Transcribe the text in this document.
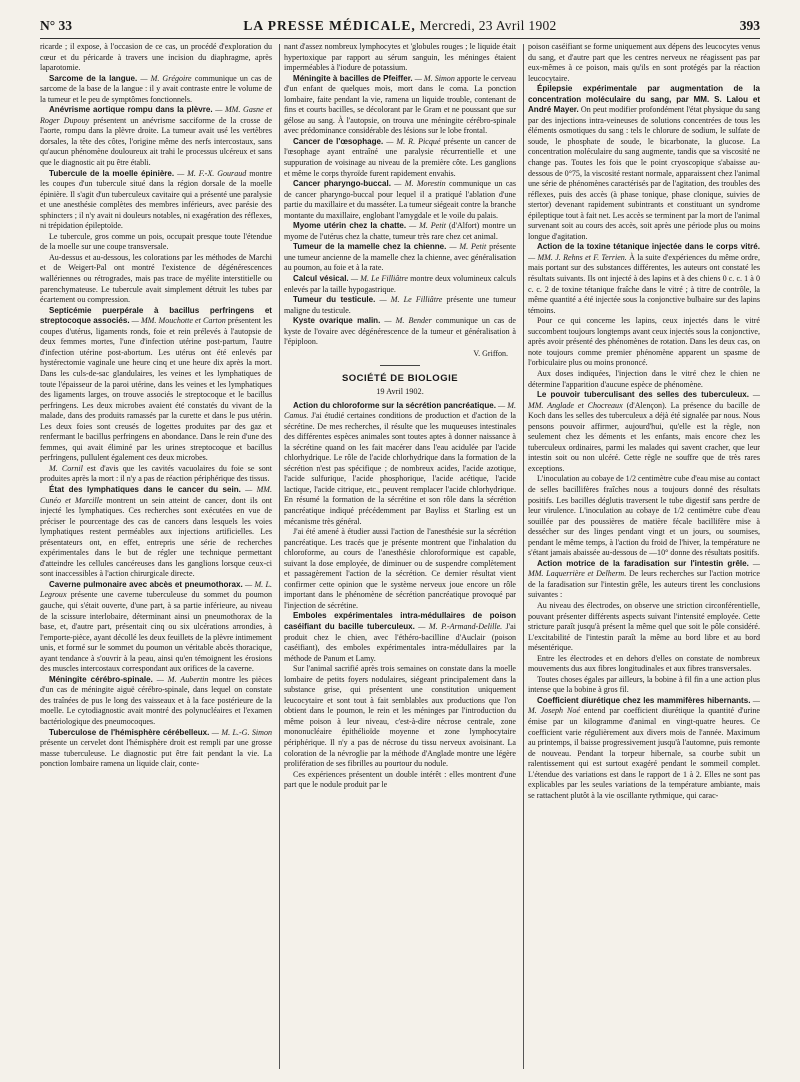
N° 33	LA PRESSE MÉDICALE, Mercredi, 23 Avril 1902	393

ricarde ; il expose, à l'occasion de ce cas, un procédé d'exploration du cœur et du péricarde à travers une incision du diaphragme, après laparotomie.

Sarcome de la langue. — M. Grégoire communique un cas de sarcome de la base de la langue : il y avait contraste entre le volume de la tumeur et le peu de symptômes fonctionnels.

Anévrisme aortique rompu dans la plèvre. — MM. Gasne et Roger Dupouy présentent un anévrisme sacciforme de la crosse de l'aorte, rompu dans la plèvre droite. La tumeur avait usé les vertèbres dorsales, la tête des côtes, l'origine même des nerfs intercostaux, sans qu'aucun phénomène douloureux ait trahi le processus ulcéreux et sans que le diagnostic ait pu être établi.

Tubercule de la moelle épinière. — M. F.-X. Gouraud montre les coupes d'un tubercule situé dans la région dorsale de la moelle épinière. Il s'agit d'un tuberculeux cavitaire qui a présenté une paralysie et une anesthésie complètes des membres inférieurs, avec parésie des sphincters ; il n'y avait ni douleurs notables, ni exagération des réflexes, ni trépidation épileptoïde.

Le tubercule, gros comme un pois, occupait presque toute l'étendue de la moelle sur une coupe transversale.

Au-dessus et au-dessous, les colorations par les méthodes de Marchi et de Weigert-Pal ont montré l'existence de dégénérescences wallériennes ou rétrogrades, mais pas trace de myélite interstitielle ou parenchymateuse. Le tubercule avait simplement détruit les tubes par écartement ou compression.

Septicémie puerpérale à bacillus perfringens et streptocoque associés. — MM. Mouchotte et Carton présentent les coupes d'utérus, ligaments ronds, foie et rein prélevés à l'autopsie de deux femmes mortes, l'une d'infection utérine post-partum, l'autre d'infection utérine post-abortum. Les utérus ont été enlevés par hystérectomie vaginale une heure cinq et une heure dix après la mort. Dans les culs-de-sac glandulaires, les veines et les lymphatiques de toute l'épaisseur de la paroi utérine, dans les veines et les lymphatiques des ligaments larges, on trouve associés le streptocoque et le bacillus perfringens. Les deux microbes avaient été constatés du vivant de la malade, dans des produits ramassés par la curette et dans le pus utérin. Les deux foies sont creusés de logettes produites par des gaz et renfermant le bacillus perfringens en abondance. Dans le rein d'une des femmes, qui avait éliminé par les urines streptocoque et bacillus perfringens, pullulent également ces deux microbes.

M. Cornil est d'avis que les cavités vacuolaires du foie se sont produites après la mort : il n'y a pas de réaction périphérique des tissus.

État des lymphatiques dans le cancer du sein. — MM. Cunéo et Marcille montrent un sein atteint de cancer, dont ils ont injecté les lymphatiques. Ces recherches sont exécutées en vue de préciser le pourcentage des cas de cancers dans lesquels les voies lymphatiques restent perméables aux injections artificielles. Les présentateurs ont, en effet, entrepris une série de recherches expérimentales dans le but de régler une technique permettant d'atteindre les cellules cancéreuses dans les ganglions lorsque ceux-ci sont inaccessibles à l'action chirurgicale directe.

Caverne pulmonaire avec abcès et pneumothorax. — M. L. Legroux présente une caverne tuberculeuse du sommet du poumon gauche, qui s'était ouverte, d'une part, à sa partie inférieure, au niveau de la scissure interlobaire, déterminant ainsi un pneumothorax de la base, et, d'autre part, présentait cinq ou six ulcérations arrondies, à l'emporte-pièce, ayant décollé les deux feuillets de la plèvre intimement unis, et formé sur le sommet du poumon un véritable abcès thoracique, ayant tendance à s'ouvrir à la peau, ainsi qu'en témoignent les érosions des muscles intercostaux correspondant aux orifices de la caverne.

Méningite cérébro-spinale. — M. Aubertin montre les pièces d'un cas de méningite aiguë cérébro-spinale, dans lequel on constate des traînées de pus le long des vaisseaux et à la face postérieure de la moelle. Le cytodiagnostic avait montré des polynucléaires et l'examen bactériologique des pneumocoques.

Tuberculose de l'hémisphère cérébelleux. — M. L.-G. Simon présente un cervelet dont l'hémisphère droit est rempli par une grosse masse tuberculeuse. Le diagnostic put être fait pendant la vie. La ponction lombaire ramena un liquide clair, conte-

nant d'assez nombreux lymphocytes et 'globules rouges ; le liquide était hypertoxique par rapport au sérum sanguin, les méninges étaient imperméables à l'iodure de potassium.

Méningite à bacilles de Pfeiffer. — M. Simon apporte le cerveau d'un enfant de quelques mois, mort dans le coma. La ponction lombaire, faite pendant la vie, ramena un liquide trouble, contenant de fins et courts bacilles, se décolorant par le Gram et ne poussant que sur gélose au sang. À l'autopsie, on trouva une méningite cérébro-spinale avec prédominance considérable des lésions sur le lobe frontal.

Cancer de l'œsophage. — M. R. Picqué présente un cancer de l'œsophage ayant entraîné une paralysie récurrentielle et une suppuration de voisinage au niveau de la première côte. Les ganglions et même le corps thyroïde furent rapidement envahis.

Cancer pharyngo-buccal. — M. Morestin communique un cas de cancer pharyngo-buccal pour lequel il a pratiqué l'ablation d'une partie du maxillaire et du masséter. La tumeur siégeait contre la branche montante du maxillaire, englobant l'amygdale et le voile du palais.

Myome utérin chez la chatte. — M. Petit (d'Alfort) montre un myome de l'utérus chez la chatte, tumeur très rare chez cet animal.

Tumeur de la mamelle chez la chienne. — M. Petit présente une tumeur ancienne de la mamelle chez la chienne, avec généralisation au poumon, au foie et à la rate.

Calcul vésical. — M. Le Filliâtre montre deux volumineux calculs enlevés par la taille hypogastrique.

Tumeur du testicule. — M. Le Filliâtre présente une tumeur maligne du testicule.

Kyste ovarique malin. — M. Bender communique un cas de kyste de l'ovaire avec dégénérescence de la tumeur et généralisation à l'épiploon.

V. Griffon.
SOCIÉTÉ DE BIOLOGIE
19 Avril 1902.

Action du chloroforme sur la sécrétion pancréatique. — M. Camus. J'ai étudié certaines conditions de production et d'action de la sécrétine. De mes recherches, il résulte que les muqueuses intestinales des différentes espèces animales sont toutes aptes à donner naissance à la sécrétine quand on les fait macérer dans l'eau acidulée par l'acide chlorhydrique. Le rôle de l'acide chlorhydrique dans la formation de la sécrétion n'est pas spécifique ; de nombreux acides, l'acide azotique, l'acide sulfurique, l'acide phosphorique, l'acide acétique, l'acide lactique, l'acide citrique, etc., peuvent remplacer l'acide chlorhydrique. En résumé la formation de la sécrétine et son rôle dans la sécrétion pancréatique indiqué précédemment par Bayliss et Starling est un mécanisme très général.

J'ai été amené à étudier aussi l'action de l'anesthésie sur la sécrétion pancréatique. Les tracés que je présente montrent que l'inhalation du chloroforme, au cours de l'anesthésie chloroformique est capable, suivant la dose employée, de diminuer ou de suspendre complètement et passagèrement l'action de la sécrétion. Ce dernier résultat vient confirmer cette opinion que le système nerveux joue encore un rôle important dans le phénomène de sécrétion pancréatique provoqué par l'injection de sécrétine.

Emboles expérimentales intra-médullaires de poison caséifiant du bacille tuberculeux. — M. P.-Armand-Delille. J'ai produit chez le chien, avec l'éthéro-bacilline d'Auclair (poison caséifiant), des emboles expérimentales intra-médullaires par la méthode de Panum et Lamy.

Sur l'animal sacrifié après trois semaines on constate dans la moelle lombaire de petits foyers nodulaires, siégeant principalement dans la substance grise, qui présentent une constitution uniquement leucocytaire et sont tout à fait semblables aux productions que l'on obtient dans le poumon, le rein et les méninges par l'introduction du même poison à leur niveau, c'est-à-dire nécrose centrale, zone mononucléaire épithélioïde moyenne et zone lymphocytaire périphérique. Il n'y a pas de nécrose du tissu nerveux avoisinant. La coloration de la névroglie par la méthode d'Anglade montre une légère prolifération de ses fibrilles au pourtour du nodule.

Ces expériences présentent un double intérêt : elles montrent d'une part que le nodule produit par le

poison caséifiant se forme uniquement aux dépens des leucocytes venus du sang, et d'autre part que les centres nerveux ne réagissent pas par eux-mêmes à ce poison, mais qu'ils en sont protégés par la réaction leucocytaire.

Épilepsie expérimentale par augmentation de la concentration moléculaire du sang, par MM. S. Lalou et André Mayer. On peut modifier profondément l'état physique du sang par des injections intra-veineuses de solutions concentrées de tous les éléments osmotiques du sang : tels le chlorure de sodium, le sulfate de soude, le phosphate de soude, le bicarbonate, la glucose. La concentration moléculaire du sang augmente, tandis que sa viscosité ne change pas. Toutes les fois que le point cryoscopique s'abaisse au-dessous de 0°75, la viscosité restant normale, apparaissent chez l'animal une série de phénomènes caractérisés par de l'agitation, des troubles des réflexes, puis des accès (à phase tonique, phase clonique, suivies de stertor) devenant rapidement subintrants et constituant un syndrome épileptique tout à fait net. Les accès se terminent par la mort de l'animal survenant soit au cours des accès, soit après une période plus ou moins longue d'agitation.

Action de la toxine tétanique injectée dans le corps vitré. — MM. J. Rehns et F. Terrien. À la suite d'expériences du même ordre, mais portant sur des substances différentes, les auteurs ont constaté les résultats suivants. Ils ont injecté à des lapins et à des chiens 0 c. c. 1 à 0 c. c. 2 de toxine tétanique fraîche dans le vitré ; à titre de contrôle, la même quantité a été injectée sous la conjonctive bulbaire sur des lapins témoins.

Pour ce qui concerne les lapins, ceux injectés dans le vitré succombent toujours longtemps avant ceux injectés sous la conjonctive, après avoir présenté des phénomènes de rotation. Dans les deux cas, on note toujours comme premier phénomène apparent un spasme de l'orbiculaire plus ou moins prononcé.

Aux doses indiquées, l'injection dans le vitré chez le chien ne détermine l'apparition d'aucune espèce de phénomène.

Le pouvoir tuberculisant des selles des tuberculeux. — MM. Anglade et Chocreaux (d'Alençon). La présence du bacille de Koch dans les selles des tuberculeux a déjà été signalée par nous. Nous pensons pouvoir affirmer, aujourd'hui, qu'elle est la règle, non seulement chez les déments et les enfants, mais encore chez les tuberculeux ordinaires, parmi les malades qui savent cracher, que leur intestin soit ou non ulcéré. Cette règle ne souffre que de très rares exceptions.

L'inoculation au cobaye de 1/2 centimètre cube d'eau mise au contact de selles bacillifères fraîches nous a toujours donné des résultats positifs. Les bacilles déglutis traversent le tube digestif sans perdre de leur virulence. L'inoculation au cobaye de 1/2 centimètre cube d'eau souillée par des poussières de matière fécale bacillifère mise à dessécher sur des linges pendant vingt et un jours, ou soumises, pendant le même temps, à l'action du froid de l'hiver, la température ne s'étant jamais abaissée au-dessous de —10° donne des résultats positifs.

Action motrice de la faradisation sur l'intestin grêle. — MM. Laquerrière et Delherm. De leurs recherches sur l'action motrice de la faradisation sur l'intestin grêle, les auteurs tirent les conclusions suivantes :

Au niveau des électrodes, on observe une striction circonférentielle, pouvant présenter différents aspects suivant l'intensité employée. Cette stricture paraît jusqu'à présent la même quel que soit le pôle considéré. L'excitabilité de l'intestin paraît la même au bord libre et au bord mésentérique.

Entre les électrodes et en dehors d'elles on constate de nombreux mouvements dus aux fibres longitudinales et aux fibres transversales.

Toutes choses égales par ailleurs, la bobine à fil fin a une action plus intense que la bobine à gros fil.

Coefficient diurétique chez les mammifères hibernants. — M. Joseph Noé entend par coefficient diurétique la quantité d'urine émise par un kilogramme d'animal en vingt-quatre heures. Ce coefficient varie régulièrement aux divers mois de l'année. Maximum au printemps, il baisse progressivement jusqu'à l'automne, puis remonte de nouveau. Pendant la torpeur hibernale, sa courbe subit un ralentissement qui est surtout exagéré pendant le sommeil complet. L'étendue des variations est dans le rapport de 1 à 2. Elles ne sont pas explicables par les seules variations de la température ambiante, mais se rattachent plutôt à la vie oscillante rythmique, qui carac-
